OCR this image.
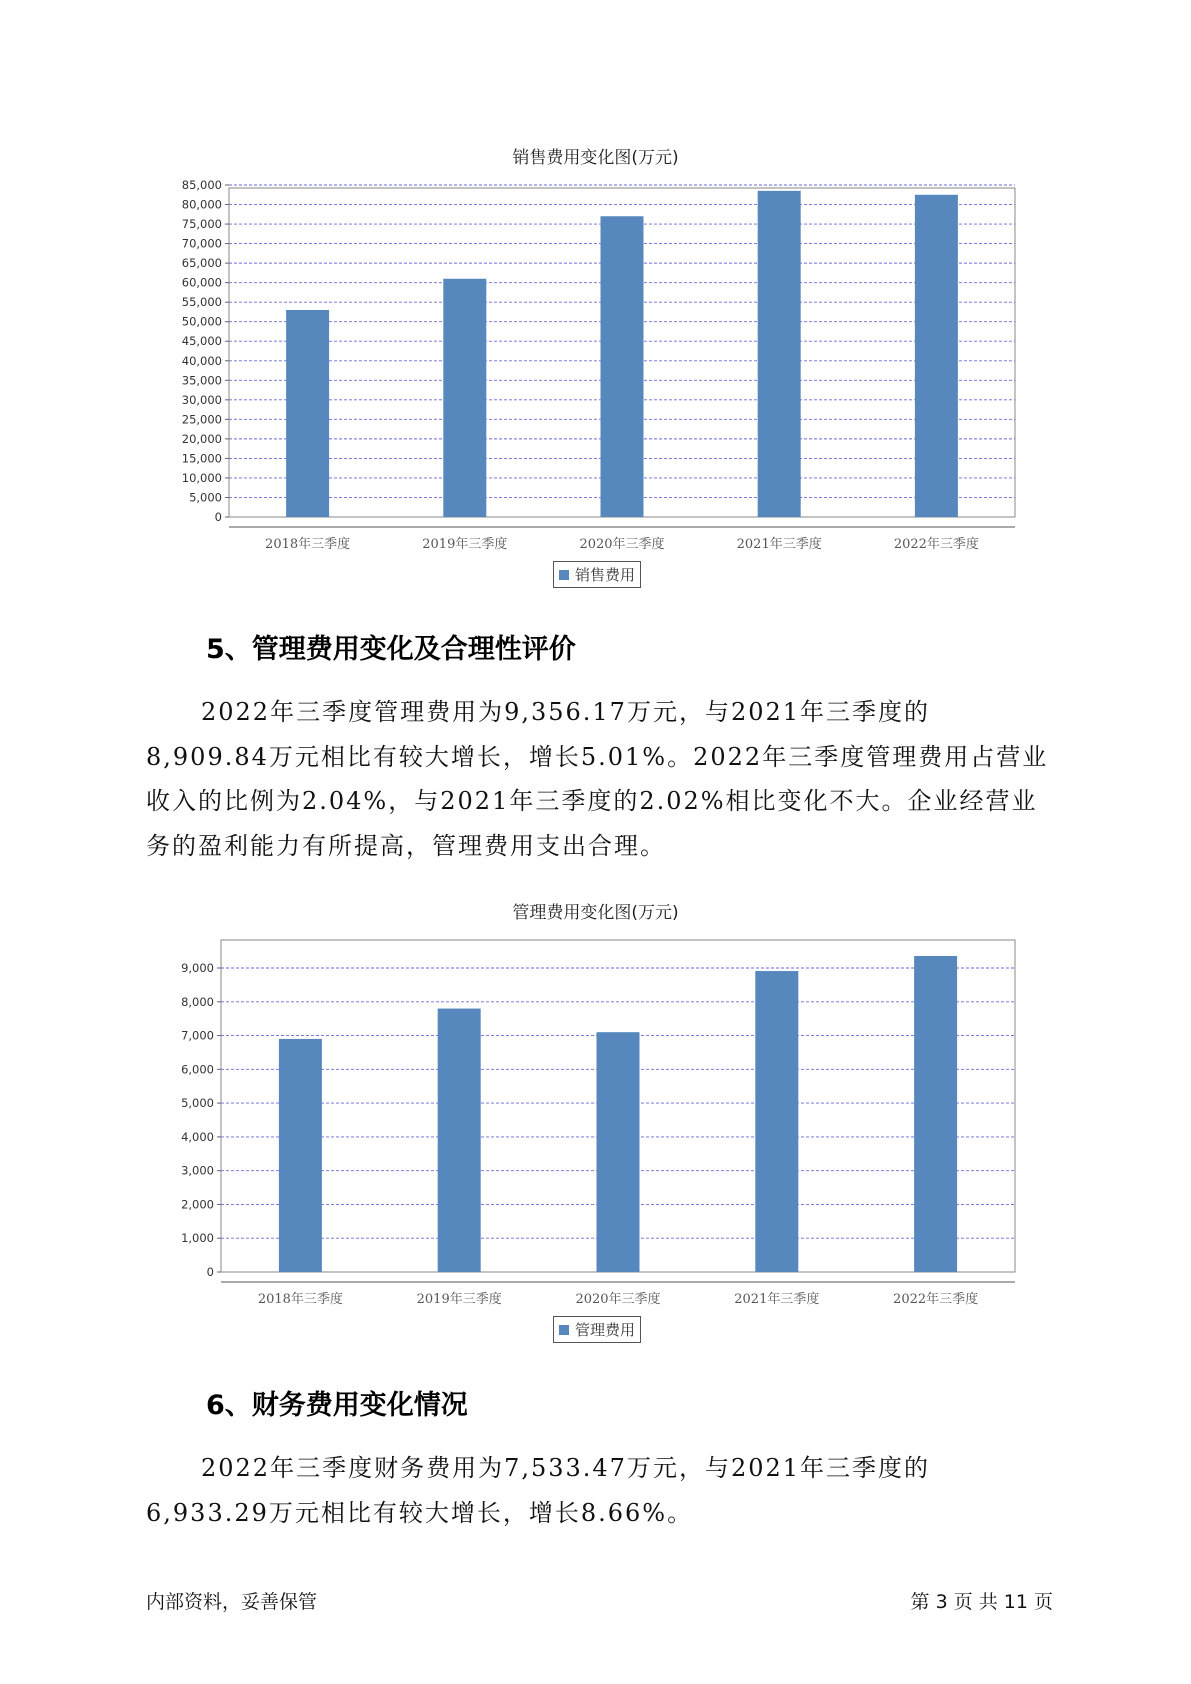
销售费用变化图(万元)
0
5,000
10,000
15,000
20,000
25,000
30,000
35,000
40,000
45,000
50,000
55,000
60,000
65,000
70,000
75,000
80,000
85,000
2018年三季度	2019年三季度	2020年三季度	2021年三季度	2022年三季度
销售费用
5、管理费用变化及合理性评价

2022年三季度管理费用为9,356.17万元，与2021年三季度的8,909.84万元相比有较大增长，增长5.01%。2022年三季度管理费用占营业收入的比例为2.04%，与2021年三季度的2.02%相比变化不大。企业经营业务的盈利能力有所提高，管理费用支出合理。

管理费用变化图(万元)
0
1,000
2,000
3,000
4,000
5,000
6,000
7,000
8,000
9,000
2018年三季度	2019年三季度	2020年三季度	2021年三季度	2022年三季度
管理费用
6、财务费用变化情况

2022年三季度财务费用为7,533.47万元，与2021年三季度的6,933.29万元相比有较大增长，增长8.66%。

内部资料，妥善保管	第 3 页 共 11 页
